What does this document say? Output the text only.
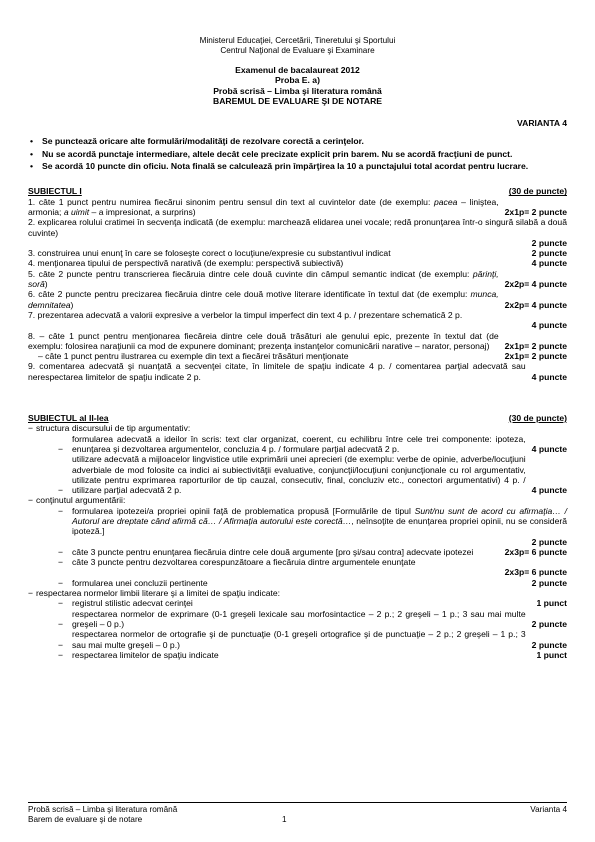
Ministerul Educaţiei, Cercetării, Tineretului şi Sportului
Centrul Naţional de Evaluare şi Examinare
Examenul de bacalaureat 2012
Proba E. a)
Probă scrisă – Limba şi literatura română
BAREMUL DE EVALUARE ŞI DE NOTARE
VARIANTA 4
• Se punctează oricare alte formulări/modalităţi de rezolvare corectă a cerinţelor.
• Nu se acordă punctaje intermediare, altele decât cele precizate explicit prin barem. Nu se acordă fracţiuni de punct.
• Se acordă 10 puncte din oficiu. Nota finală se calculează prin împărţirea la 10 a punctajului total acordat pentru lucrare.
SUBIECTUL I	(30 de puncte)
1. câte 1 punct pentru numirea fiecărui sinonim pentru sensul din text al cuvintelor date (de exemplu: pacea – liniştea, armonia; a uimit – a impresionat, a surprins)	2x1p= 2 puncte
2. explicarea rolului cratimei în secvenţa indicată (de exemplu: marchează elidarea unei vocale; redă pronunţarea într-o singură silabă a două cuvinte)
2 puncte
3. construirea unui enunţ în care se foloseşte corect o locuţiune/expresie cu substantivul indicat	2 puncte
4. menţionarea tipului de perspectivă narativă (de exemplu: perspectivă subiectivă)	4 puncte
5. câte 2 puncte pentru transcrierea fiecăruia dintre cele două cuvinte din câmpul semantic indicat (de exemplu: părinţi, soră)	2x2p= 4 puncte
6. câte 2 puncte pentru precizarea fiecăruia dintre cele două motive literare identificate în textul dat (de exemplu: munca, demnitatea)	2x2p= 4 puncte
7. prezentarea adecvată a valorii expresive a verbelor la timpul imperfect din text 4 p. / prezentare schematică 2 p.
4 puncte
8. – câte 1 punct pentru menţionarea fiecăreia dintre cele două trăsături ale genului epic, prezente în textul dat (de exemplu: folosirea naraţiunii ca mod de expunere dominant; prezenţa instanţelor comunicării narative – narator, personaj)	2x1p= 2 puncte
– câte 1 punct pentru ilustrarea cu exemple din text a fiecărei trăsături menţionate	2x1p= 2 puncte
9. comentarea adecvată şi nuanţată a secvenţei citate, în limitele de spaţiu indicate 4 p. / comentarea parţial adecvată sau nerespectarea limitelor de spaţiu indicate 2 p.	4 puncte
SUBIECTUL al II-lea	(30 de puncte)
− structura discursului de tip argumentativ:
− formularea adecvată a ideilor în scris: text clar organizat, coerent, cu echilibru între cele trei componente: ipoteza, enunţarea şi dezvoltarea argumentelor, concluzia 4 p. / formulare parţial adecvată 2 p.	4 puncte
− utilizare adecvată a mijloacelor lingvistice utile exprimării unei aprecieri (de exemplu: verbe de opinie, adverbe/locuţiuni adverbiale de mod folosite ca indici ai subiectivităţii evaluative, conjuncţii/locuţiuni conjuncţionale cu rol argumentativ, utilizate pentru exprimarea raporturilor de tip cauzal, consecutiv, final, concluziv etc., conectori argumentativi) 4 p. / utilizare parţial adecvată 2 p.	4 puncte
− conţinutul argumentării:
− formularea ipotezei/a propriei opinii faţă de problematica propusă [Formulările de tipul Sunt/nu sunt de acord cu afirmaţia… / Autorul are dreptate când afirmă că… / Afirmaţia autorului este corectă…, neînsoţite de enunţarea propriei opinii, nu se consideră ipoteză.]
2 puncte
− câte 3 puncte pentru enunţarea fiecăruia dintre cele două argumente [pro şi/sau contra] adecvate ipotezei	2x3p= 6 puncte
− câte 3 puncte pentru dezvoltarea corespunzătoare a fiecăruia dintre argumentele enunţate
2x3p= 6 puncte
− formularea unei concluzii pertinente	2 puncte
− respectarea normelor limbii literare şi a limitei de spaţiu indicate:
− registrul stilistic adecvat cerinţei	1 punct
− respectarea normelor de exprimare (0-1 greşeli lexicale sau morfosintactice – 2 p.; 2 greşeli – 1 p.; 3 sau mai multe greşeli – 0 p.)	2 puncte
− respectarea normelor de ortografie şi de punctuaţie (0-1 greşeli ortografice şi de punctuaţie – 2 p.; 2 greşeli – 1 p.; 3 sau mai multe greşeli – 0 p.)	2 puncte
− respectarea limitelor de spaţiu indicate	1 punct
Probă scrisă – Limba şi literatura română	Varianta 4
Barem de evaluare şi de notare	1
